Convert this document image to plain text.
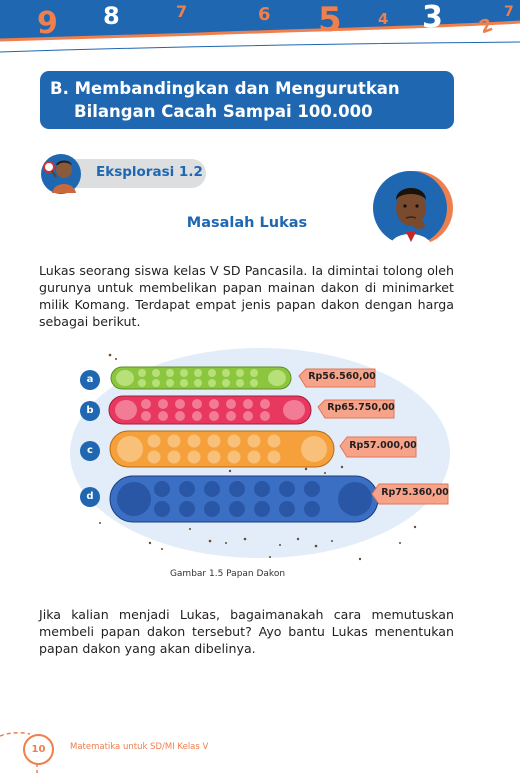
9 8	7	6 5 4 3 2
7
B. Membandingkan dan Mengurutkan
Bilangan Cacah Sampai 100.000
Eksplorasi 1.2
Masalah Lukas
Lukas seorang siswa kelas V SD Pancasila. Ia dimintai tolong oleh gurunya untuk membelikan papan mainan dakon di minimarket milik Komang. Terdapat empat jenis papan dakon dengan harga sebagai berikut.
a
b
c
d
Rp56.560,00
Rp65.750,00
Rp57.000,00
Rp75.360,00
Gambar 1.5 Papan Dakon
Jika kalian menjadi Lukas, bagaimanakah cara memutuskan membeli papan dakon tersebut? Ayo bantu Lukas menentukan papan dakon yang akan dibelinya.
10	Matematika untuk SD/MI Kelas V
